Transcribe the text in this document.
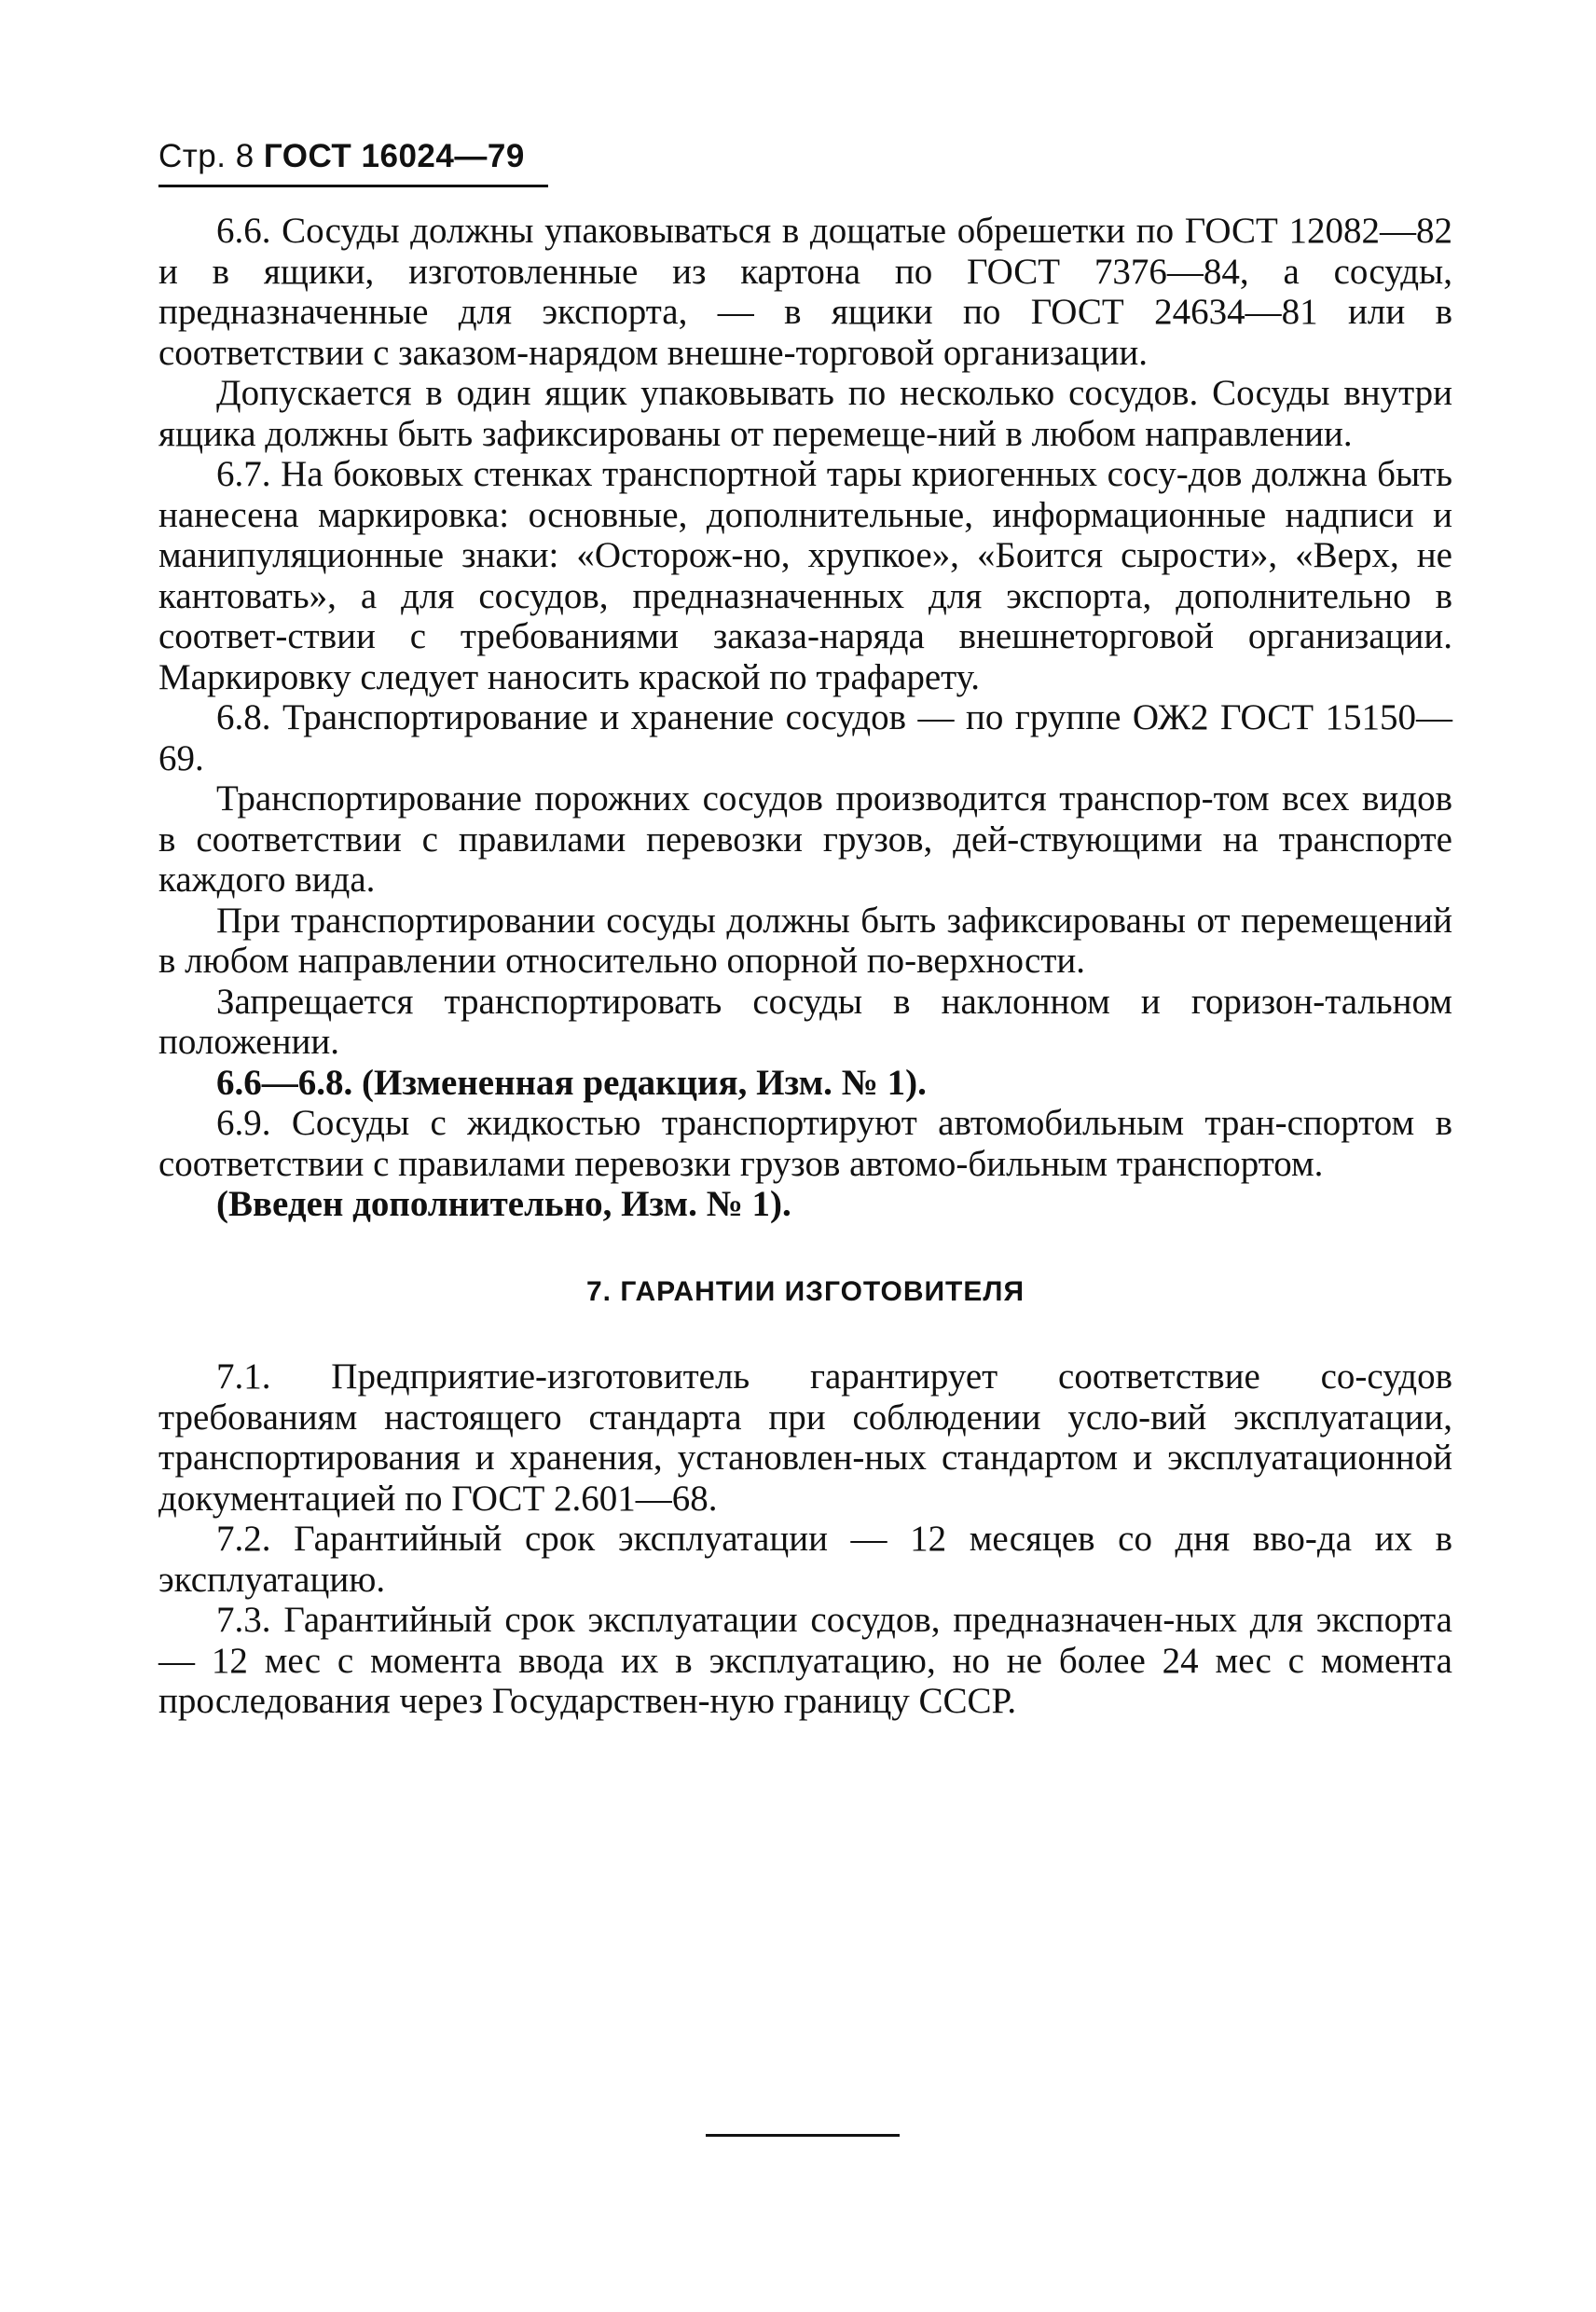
Стр. 8 ГОСТ 16024—79

6.6. Сосуды должны упаковываться в дощатые обрешетки по ГОСТ 12082—82 и в ящики, изготовленные из картона по ГОСТ 7376—84, а сосуды, предназначенные для экспорта, — в ящики по ГОСТ 24634—81 или в соответствии с заказом-нарядом внешне-торговой организации.

Допускается в один ящик упаковывать по несколько сосудов. Сосуды внутри ящика должны быть зафиксированы от перемеще-ний в любом направлении.

6.7. На боковых стенках транспортной тары криогенных сосу-дов должна быть нанесена маркировка: основные, дополнительные, информационные надписи и манипуляционные знаки: «Осторож-но, хрупкое», «Боится сырости», «Верх, не кантовать», а для сосудов, предназначенных для экспорта, дополнительно в соответ-ствии с требованиями заказа-наряда внешнеторговой организации. Маркировку следует наносить краской по трафарету.

6.8. Транспортирование и хранение сосудов — по группе ОЖ2 ГОСТ 15150—69.

Транспортирование порожних сосудов производится транспор-том всех видов в соответствии с правилами перевозки грузов, дей-ствующими на транспорте каждого вида.

При транспортировании сосуды должны быть зафиксированы от перемещений в любом направлении относительно опорной по-верхности.

Запрещается транспортировать сосуды в наклонном и горизон-тальном положении.

6.6—6.8. (Измененная редакция, Изм. № 1).

6.9. Сосуды с жидкостью транспортируют автомобильным тран-спортом в соответствии с правилами перевозки грузов автомо-бильным транспортом.

(Введен дополнительно, Изм. № 1).

7. ГАРАНТИИ ИЗГОТОВИТЕЛЯ

7.1. Предприятие-изготовитель гарантирует соответствие со-судов требованиям настоящего стандарта при соблюдении усло-вий эксплуатации, транспортирования и хранения, установлен-ных стандартом и эксплуатационной документацией по ГОСТ 2.601—68.

7.2. Гарантийный срок эксплуатации — 12 месяцев со дня вво-да их в эксплуатацию.

7.3. Гарантийный срок эксплуатации сосудов, предназначен-ных для экспорта — 12 мес с момента ввода их в эксплуатацию, но не более 24 мес с момента проследования через Государствен-ную границу СССР.
